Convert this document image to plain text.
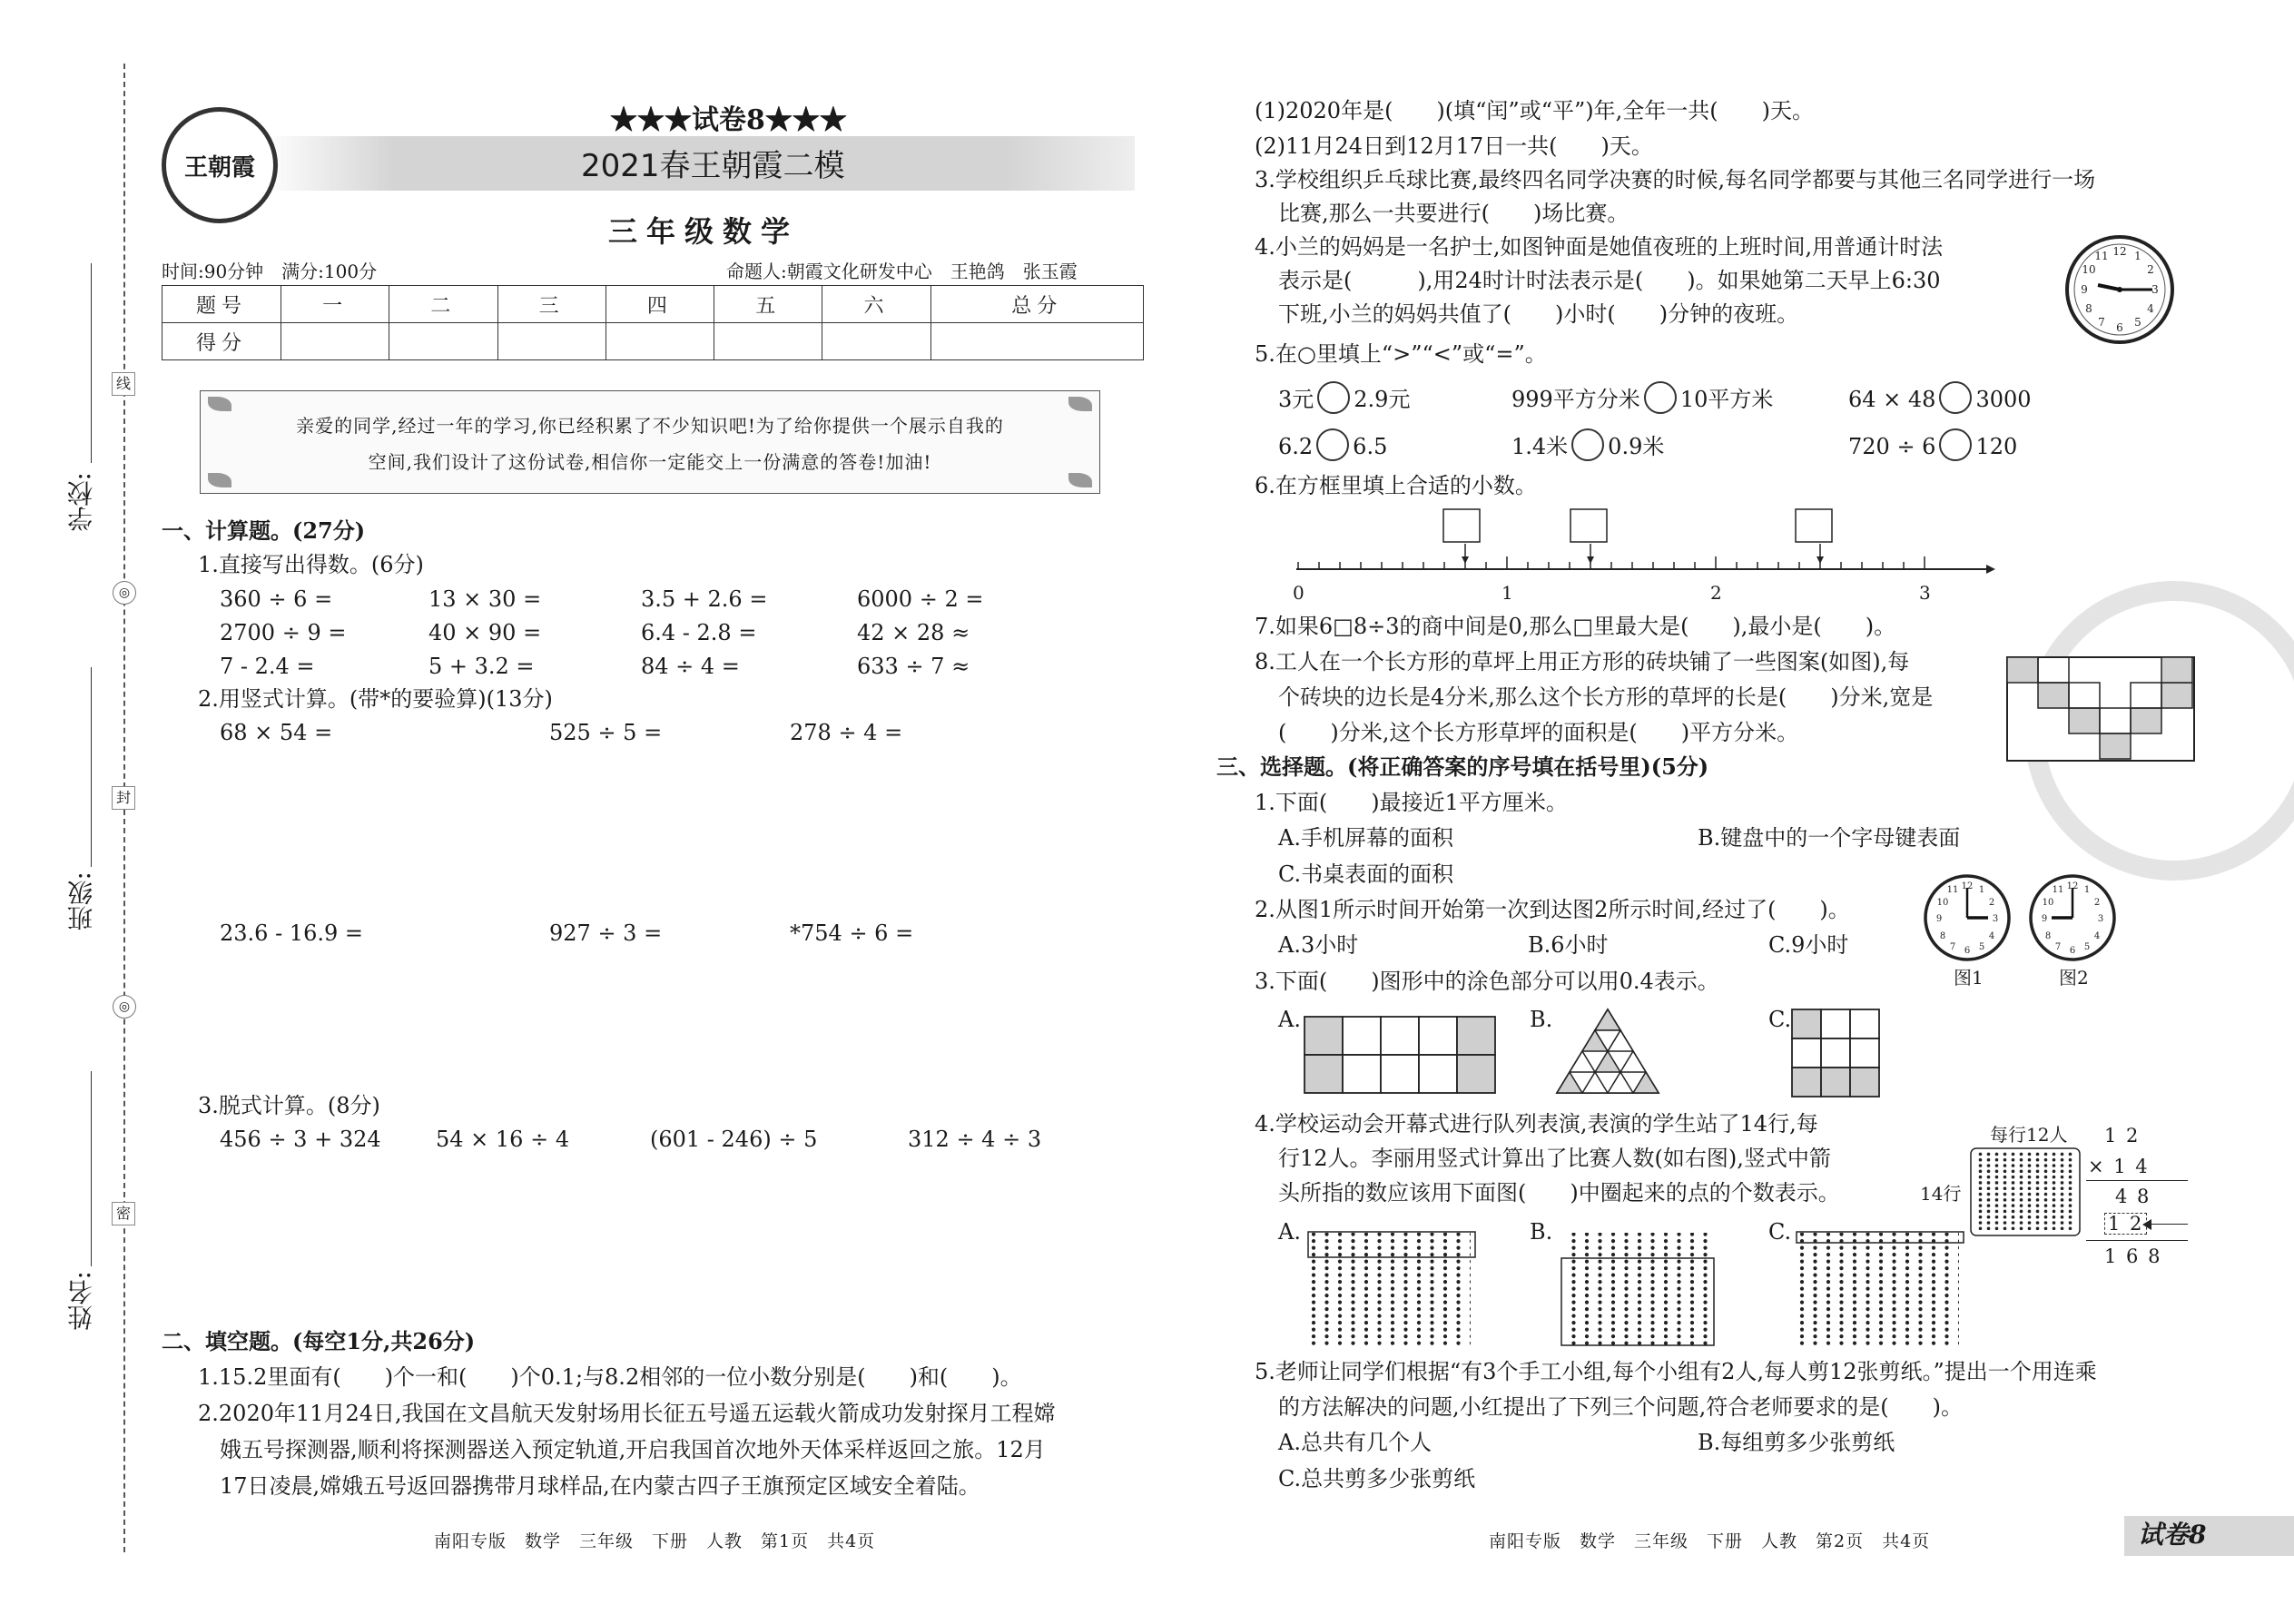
学校:
班级:
姓名:
线
◎
封
◎
密
王朝霞
★★★试卷8★★★
2021春王朝霞二模
三年级数学
时间:90分钟　满分:100分	命题人:朝霞文化研发中心　王艳鸽　张玉霞
题号	一	二	三	四	五	六	总分
得分							
亲爱的同学,经过一年的学习,你已经积累了不少知识吧!为了给你提供一个展示自我的
空间,我们设计了这份试卷,相信你一定能交上一份满意的答卷!加油!
一、计算题。(27分)
1.直接写出得数。(6分)
360 ÷ 6 =	13 × 30 =	3.5 + 2.6 =	6000 ÷ 2 =
2700 ÷ 9 =	40 × 90 =	6.4 - 2.8 =	42 × 28 ≈
7 - 2.4 =	5 + 3.2 =	84 ÷ 4 =	633 ÷ 7 ≈
2.用竖式计算。(带*的要验算)(13分)
68 × 54 =	525 ÷ 5 =	278 ÷ 4 =
23.6 - 16.9 =	927 ÷ 3 =	*754 ÷ 6 =
3.脱式计算。(8分)
456 ÷ 3 + 324	54 × 16 ÷ 4	(601 - 246) ÷ 5	312 ÷ 4 ÷ 3
二、填空题。(每空1分,共26分)
1.15.2里面有(　　)个一和(　　)个0.1;与8.2相邻的一位小数分别是(　　)和(　　)。
2.2020年11月24日,我国在文昌航天发射场用长征五号遥五运载火箭成功发射探月工程嫦
娥五号探测器,顺利将探测器送入预定轨道,开启我国首次地外天体采样返回之旅。12月
17日凌晨,嫦娥五号返回器携带月球样品,在内蒙古四子王旗预定区域安全着陆。
(1)2020年是(　　)(填“闰”或“平”)年,全年一共(　　)天。
(2)11月24日到12月17日一共(　　)天。
3.学校组织乒乓球比赛,最终四名同学决赛的时候,每名同学都要与其他三名同学进行一场
比赛,那么一共要进行(　　)场比赛。
4.小兰的妈妈是一名护士,如图钟面是她值夜班的上班时间,用普通计时法
表示是(　　　),用24时计时法表示是(　　)。如果她第二天早上6:30
下班,小兰的妈妈共值了(　　)小时(　　)分钟的夜班。
12 1
2
3
4
5
6
7
8
9
10
11
5.在○里填上“>”“<”或“=”。
3元 2.9元	999平方分米 10平方米	64 × 48 3000
6.2 6.5	1.4米 0.9米	720 ÷ 6 120
6.在方框里填上合适的小数。
0	1	2	3
7.如果6□8÷3的商中间是0,那么□里最大是(　　),最小是(　　)。
8.工人在一个长方形的草坪上用正方形的砖块铺了一些图案(如图),每
个砖块的边长是4分米,那么这个长方形的草坪的长是(　　)分米,宽是
(　　)分米,这个长方形草坪的面积是(　　)平方分米。
三、选择题。(将正确答案的序号填在括号里)(5分)
1.下面(　　)最接近1平方厘米。
A.手机屏幕的面积	B.键盘中的一个字母键表面
C.书桌表面的面积
2.从图1所示时间开始第一次到达图2所示时间,经过了(　　)。
A.3小时	B.6小时	C.9小时
12
3
6
9
1
2
4
5
7
8
10
11	12
3
6
9
1
2
4
5
7
8
10
11
图1	图2
3.下面(　　)图形中的涂色部分可以用0.4表示。
A.	B.	C.
4.学校运动会开幕式进行队列表演,表演的学生站了14行,每
行12人。李丽用竖式计算出了比赛人数(如右图),竖式中箭
头所指的数应该用下面图(　　)中圈起来的点的个数表示。
每行12人
14行
1 2
× 1 4
4 8
1 2
1 6 8
A.	B.	C.
5.老师让同学们根据“有3个手工小组,每个小组有2人,每人剪12张剪纸。”提出一个用连乘
的方法解决的问题,小红提出了下列三个问题,符合老师要求的是(　　)。
A.总共有几个人	B.每组剪多少张剪纸
C.总共剪多少张剪纸
南阳专版　数学　三年级　下册　人教　第1页　共4页	南阳专版　数学　三年级　下册　人教　第2页　共4页	试卷8
